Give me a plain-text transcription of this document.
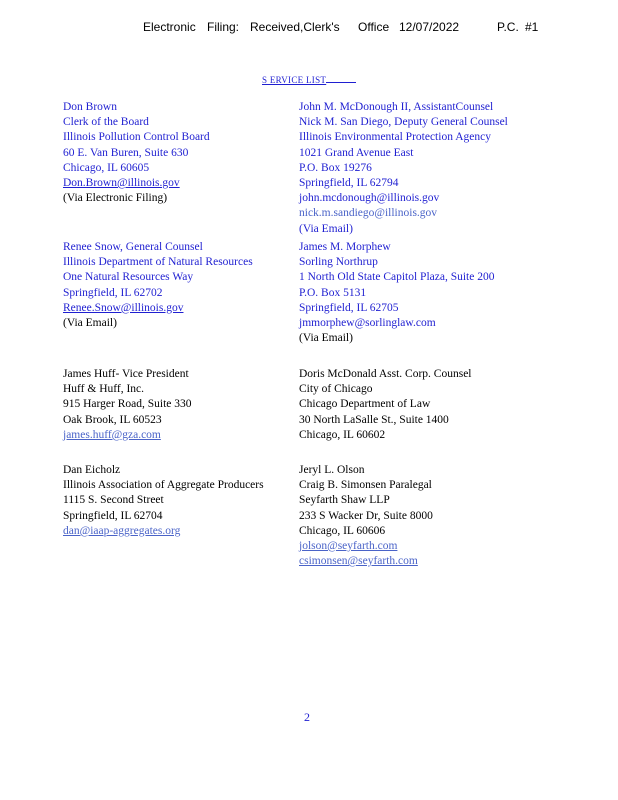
Electronic Filing: Received,Clerk's Office 12/07/2022	P.C. #1
S ERVICE LIST
Don Brown
Clerk of the Board
Illinois Pollution Control Board
60 E. Van Buren, Suite 630
Chicago, IL 60605
Don.Brown@illinois.gov
(Via Electronic Filing)
Renee Snow, General Counsel
Illinois Department of Natural Resources
One Natural Resources Way
Springfield, IL 62702
Renee.Snow@illinois.gov
(Via Email)
James Huff- Vice President
Huff & Huff, Inc.
915 Harger Road, Suite 330
Oak Brook, IL 60523
james.huff@gza.com
Dan Eicholz
Illinois Association of Aggregate Producers
1115 S. Second Street
Springfield, IL 62704
dan@iaap-aggregates.org
John M. McDonough II, AssistantCounsel
Nick M. San Diego, Deputy General Counsel
Illinois Environmental Protection Agency
1021 Grand Avenue East
P.O. Box 19276
Springfield, IL 62794
john.mcdonough@illinois.gov
nick.m.sandiego@illinois.gov
(Via Email)
James M. Morphew
Sorling Northrup
1 North Old State Capitol Plaza, Suite 200
P.O. Box 5131
Springfield, IL 62705
jmmorphew@sorlinglaw.com
(Via Email)
Doris McDonald Asst. Corp. Counsel
City of Chicago
Chicago Department of Law
30 North LaSalle St., Suite 1400
Chicago, IL 60602
Jeryl L. Olson
Craig B. Simonsen Paralegal
Seyfarth Shaw LLP
233 S Wacker Dr, Suite 8000
Chicago, IL 60606
jolson@seyfarth.com
csimonsen@seyfarth.com
2
